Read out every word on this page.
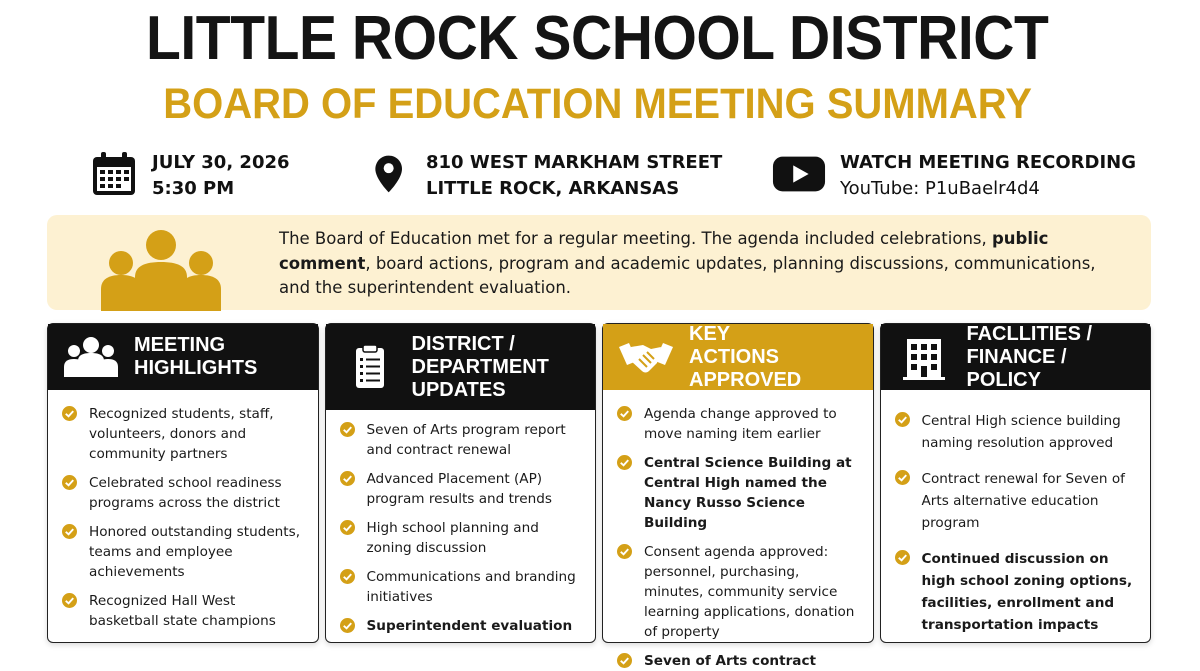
LITTLE ROCK SCHOOL DISTRICT
BOARD OF EDUCATION MEETING SUMMARY
JULY 30, 2026
5:30 PM
810 WEST MARKHAM STREET
LITTLE ROCK, ARKANSAS
WATCH MEETING RECORDING
YouTube: P1uBaelr4d4
The Board of Education met for a regular meeting. The agenda included celebrations, public comment, board actions, program and academic updates, planning discussions, communications, and the superintendent evaluation.
MEETING HIGHLIGHTS
Recognized students, staff, volunteers, donors and community partners
Celebrated school readiness programs across the district
Honored outstanding students, teams and employee achievements
Recognized Hall West basketball state champions
DISTRICT / DEPARTMENT UPDATES
Seven of Arts program report and contract renewal
Advanced Placement (AP) program results and trends
High school planning and zoning discussion
Communications and branding initiatives
Superintendent evaluation
KEY ACTIONS APPROVED
Agenda change approved to move naming item earlier
Central Science Building at Central High named the Nancy Russo Science Building
Consent agenda approved: personnel, purchasing, minutes, community service learning applications, donation of property
Seven of Arts contract
FACLLITIES / FINANCE / POLICY
Central High science building naming resolution approved
Contract renewal for Seven of Arts alternative education program
Continued discussion on high school zoning options, facilities, enrollment and transportation impacts
